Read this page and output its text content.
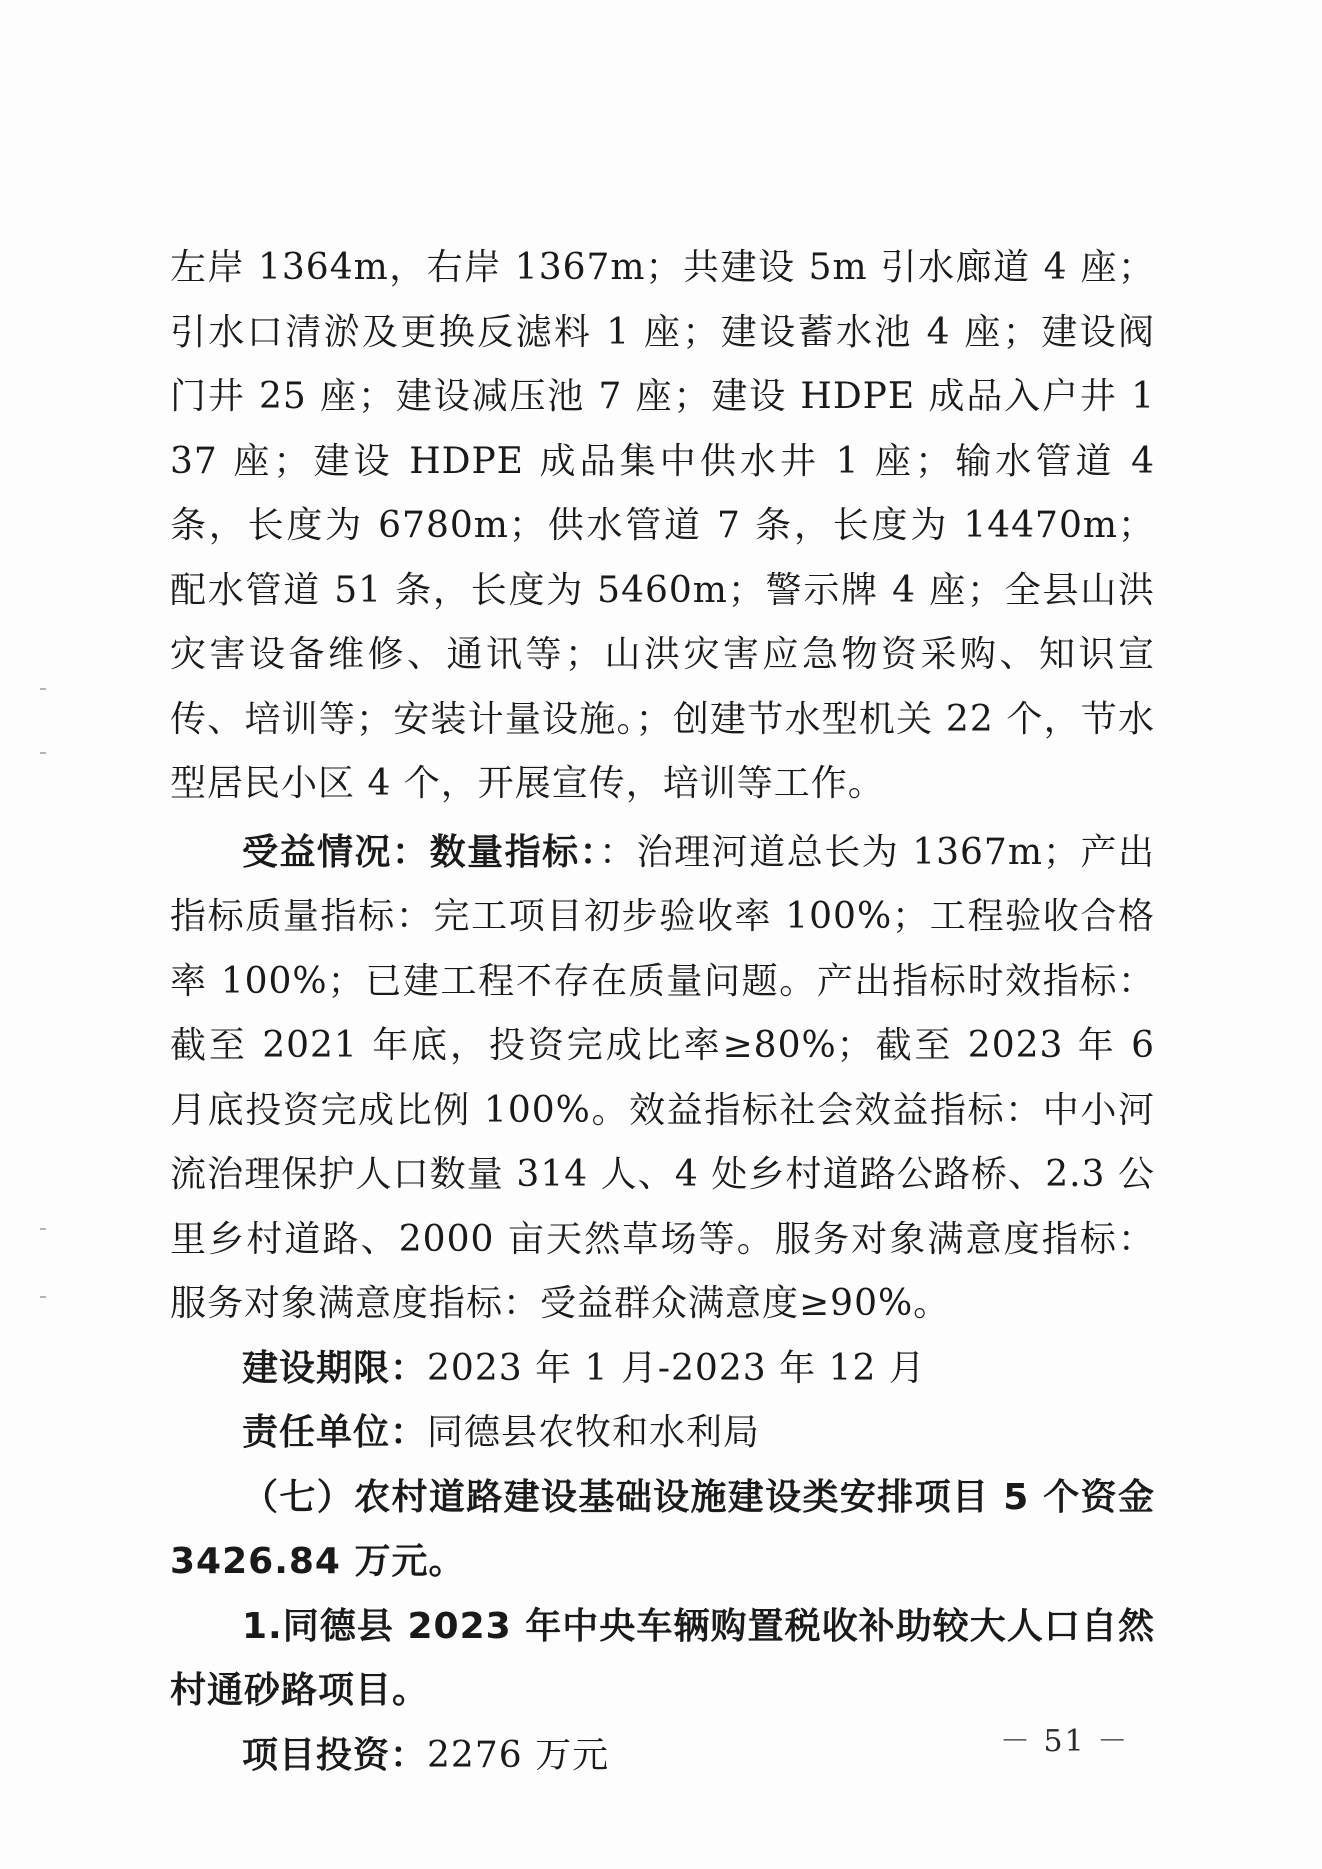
左岸 1364m，右岸 1367m；共建设 5m 引水廊道 4 座；引水口清淤及更换反滤料 1 座；建设蓄水池 4 座；建设阀门井 25 座；建设减压池 7 座；建设 HDPE 成品入户井 137 座；建设 HDPE 成品集中供水井 1 座；输水管道 4 条，长度为 6780m；供水管道 7 条，长度为 14470m；配水管道 51 条，长度为 5460m；警示牌 4 座；全县山洪灾害设备维修、通讯等；山洪灾害应急物资采购、知识宣传、培训等；安装计量设施。；创建节水型机关 22 个，节水型居民小区 4 个，开展宣传，培训等工作。

受益情况：数量指标：：治理河道总长为 1367m；产出指标质量指标：完工项目初步验收率 100%；工程验收合格率 100%；已建工程不存在质量问题。产出指标时效指标：截至 2021 年底，投资完成比率≥80%；截至 2023 年 6 月底投资完成比例 100%。效益指标社会效益指标：中小河流治理保护人口数量 314 人、4 处乡村道路公路桥、2.3 公里乡村道路、2000 亩天然草场等。服务对象满意度指标：服务对象满意度指标：受益群众满意度≥90%。

建设期限：2023 年 1 月-2023 年 12 月

责任单位：同德县农牧和水利局

（七）农村道路建设基础设施建设类安排项目 5 个资金 3426.84 万元。

1.同德县 2023 年中央车辆购置税收补助较大人口自然村通砂路项目。

项目投资：2276 万元	－ 51 －
